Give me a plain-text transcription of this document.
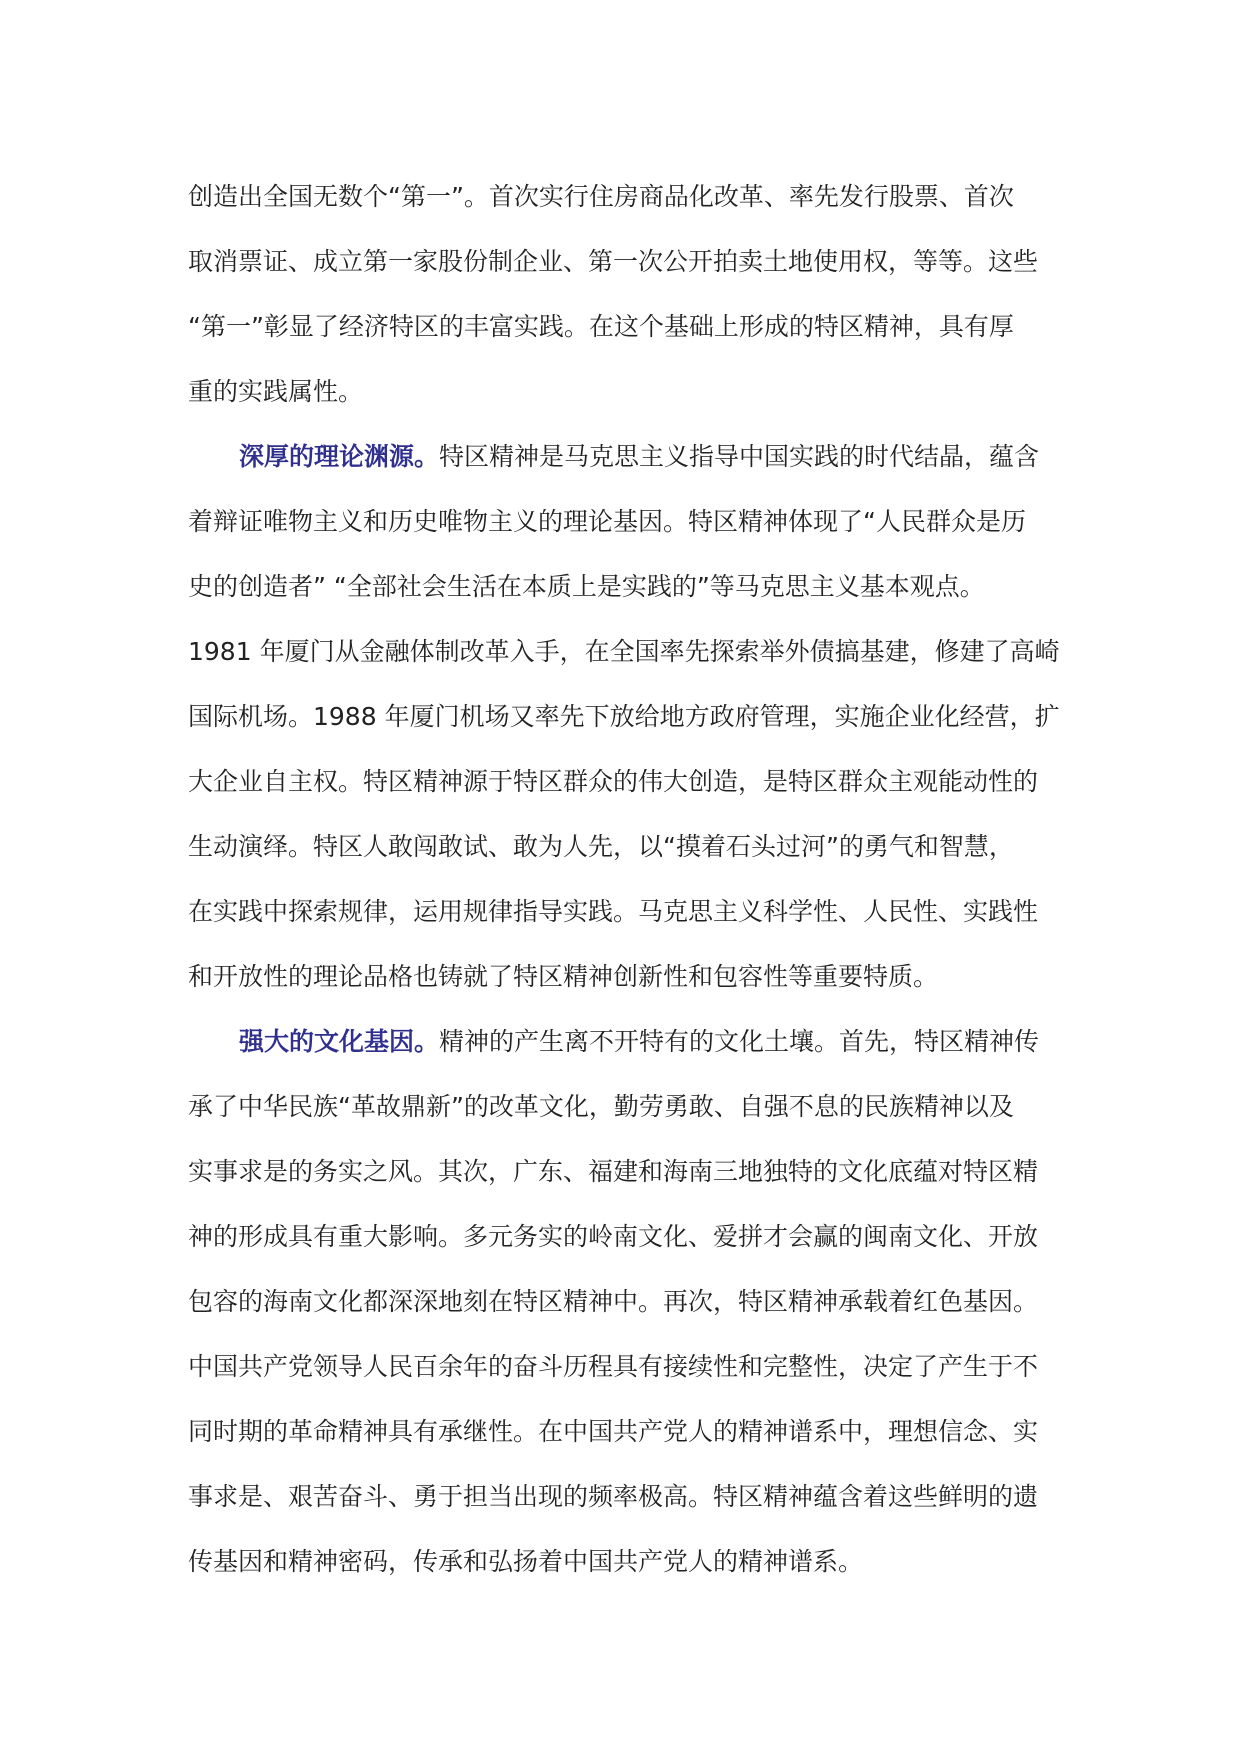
创造出全国无数个“第一”。首次实行住房商品化改革、率先发行股票、首次
取消票证、成立第一家股份制企业、第一次公开拍卖土地使用权，等等。这些
“第一”彰显了经济特区的丰富实践。在这个基础上形成的特区精神，具有厚
重的实践属性。

深厚的理论渊源。特区精神是马克思主义指导中国实践的时代结晶，蕴含
着辩证唯物主义和历史唯物主义的理论基因。特区精神体现了“人民群众是历
史的创造者” “全部社会生活在本质上是实践的”等马克思主义基本观点。
1981 年厦门从金融体制改革入手，在全国率先探索举外债搞基建，修建了高崎
国际机场。1988 年厦门机场又率先下放给地方政府管理，实施企业化经营，扩
大企业自主权。特区精神源于特区群众的伟大创造，是特区群众主观能动性的
生动演绎。特区人敢闯敢试、敢为人先，以“摸着石头过河”的勇气和智慧，
在实践中探索规律，运用规律指导实践。马克思主义科学性、人民性、实践性
和开放性的理论品格也铸就了特区精神创新性和包容性等重要特质。

强大的文化基因。精神的产生离不开特有的文化土壤。首先，特区精神传
承了中华民族“革故鼎新”的改革文化，勤劳勇敢、自强不息的民族精神以及
实事求是的务实之风。其次，广东、福建和海南三地独特的文化底蕴对特区精
神的形成具有重大影响。多元务实的岭南文化、爱拼才会赢的闽南文化、开放
包容的海南文化都深深地刻在特区精神中。再次，特区精神承载着红色基因。
中国共产党领导人民百余年的奋斗历程具有接续性和完整性，决定了产生于不
同时期的革命精神具有承继性。在中国共产党人的精神谱系中，理想信念、实
事求是、艰苦奋斗、勇于担当出现的频率极高。特区精神蕴含着这些鲜明的遗
传基因和精神密码，传承和弘扬着中国共产党人的精神谱系。
